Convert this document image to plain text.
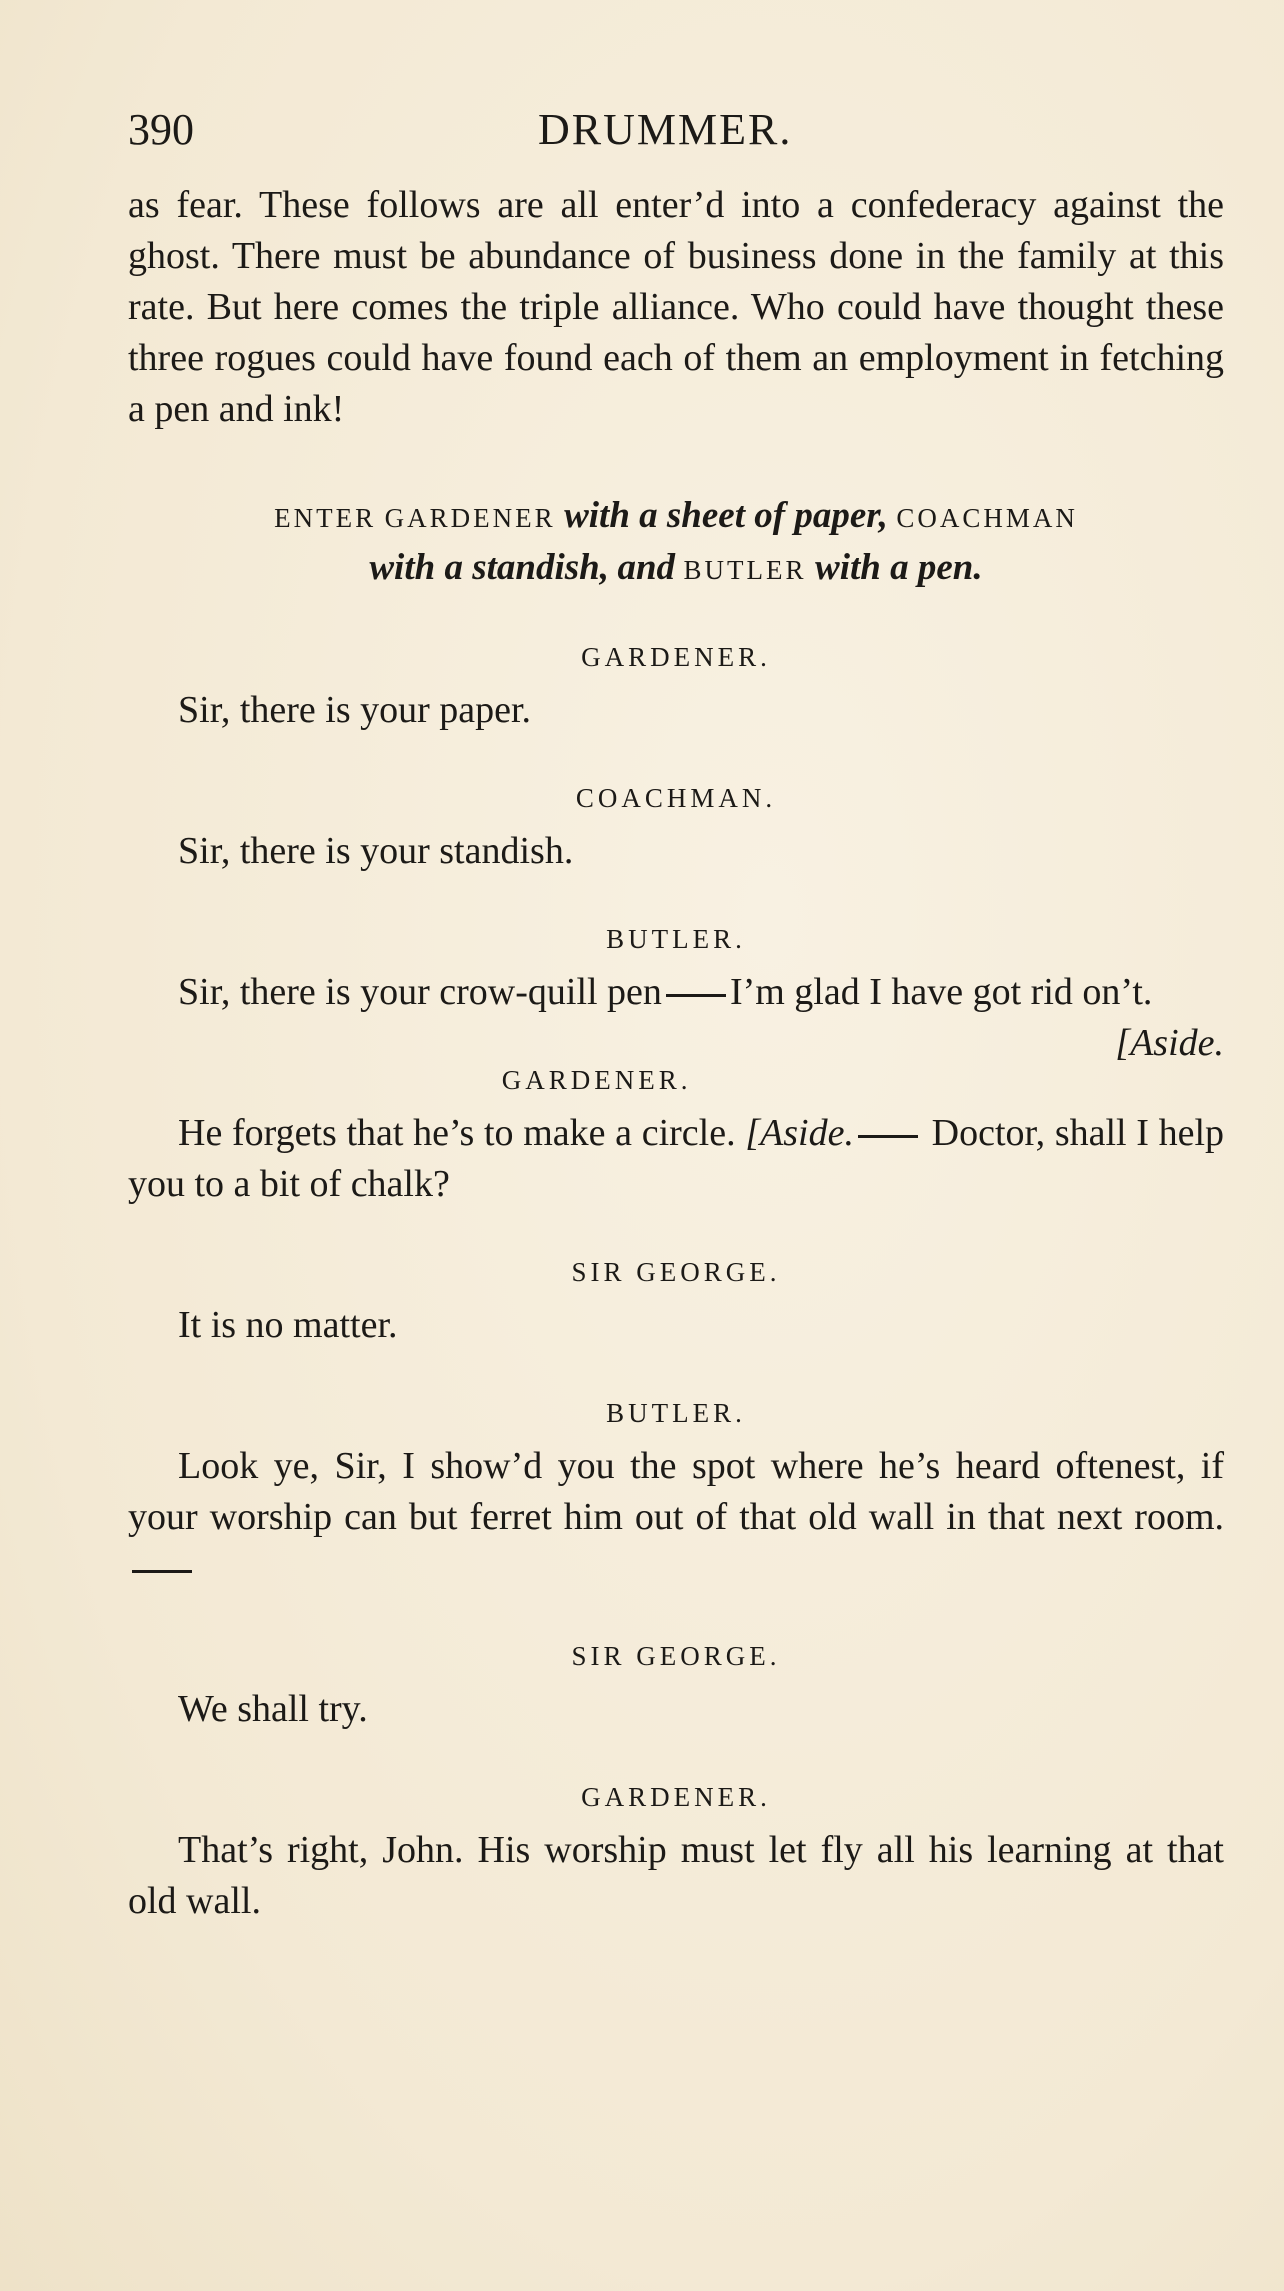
390	DRUMMER.

as fear. These follows are all enter’d into a confederacy against the ghost. There must be abundance of business done in the family at this rate. But here comes the triple alliance. Who could have thought these three rogues could have found each of them an employment in fetching a pen and ink!

ENTER GARDENER with a sheet of paper, COACHMAN
with a standish, and BUTLER with a pen.

GARDENER.

Sir, there is your paper.

COACHMAN.

Sir, there is your standish.

BUTLER.

Sir, there is your crow-quill pen I’m glad I have got rid on’t.
[Aside.

GARDENER.

He forgets that he’s to make a circle. [Aside. Doctor, shall I help you to a bit of chalk?

SIR GEORGE.

It is no matter.

BUTLER.

Look ye, Sir, I show’d you the spot where he’s heard oftenest, if your worship can but ferret him out of that old wall in that next room.

SIR GEORGE.

We shall try.

GARDENER.

That’s right, John. His worship must let fly all his learning at that old wall.
